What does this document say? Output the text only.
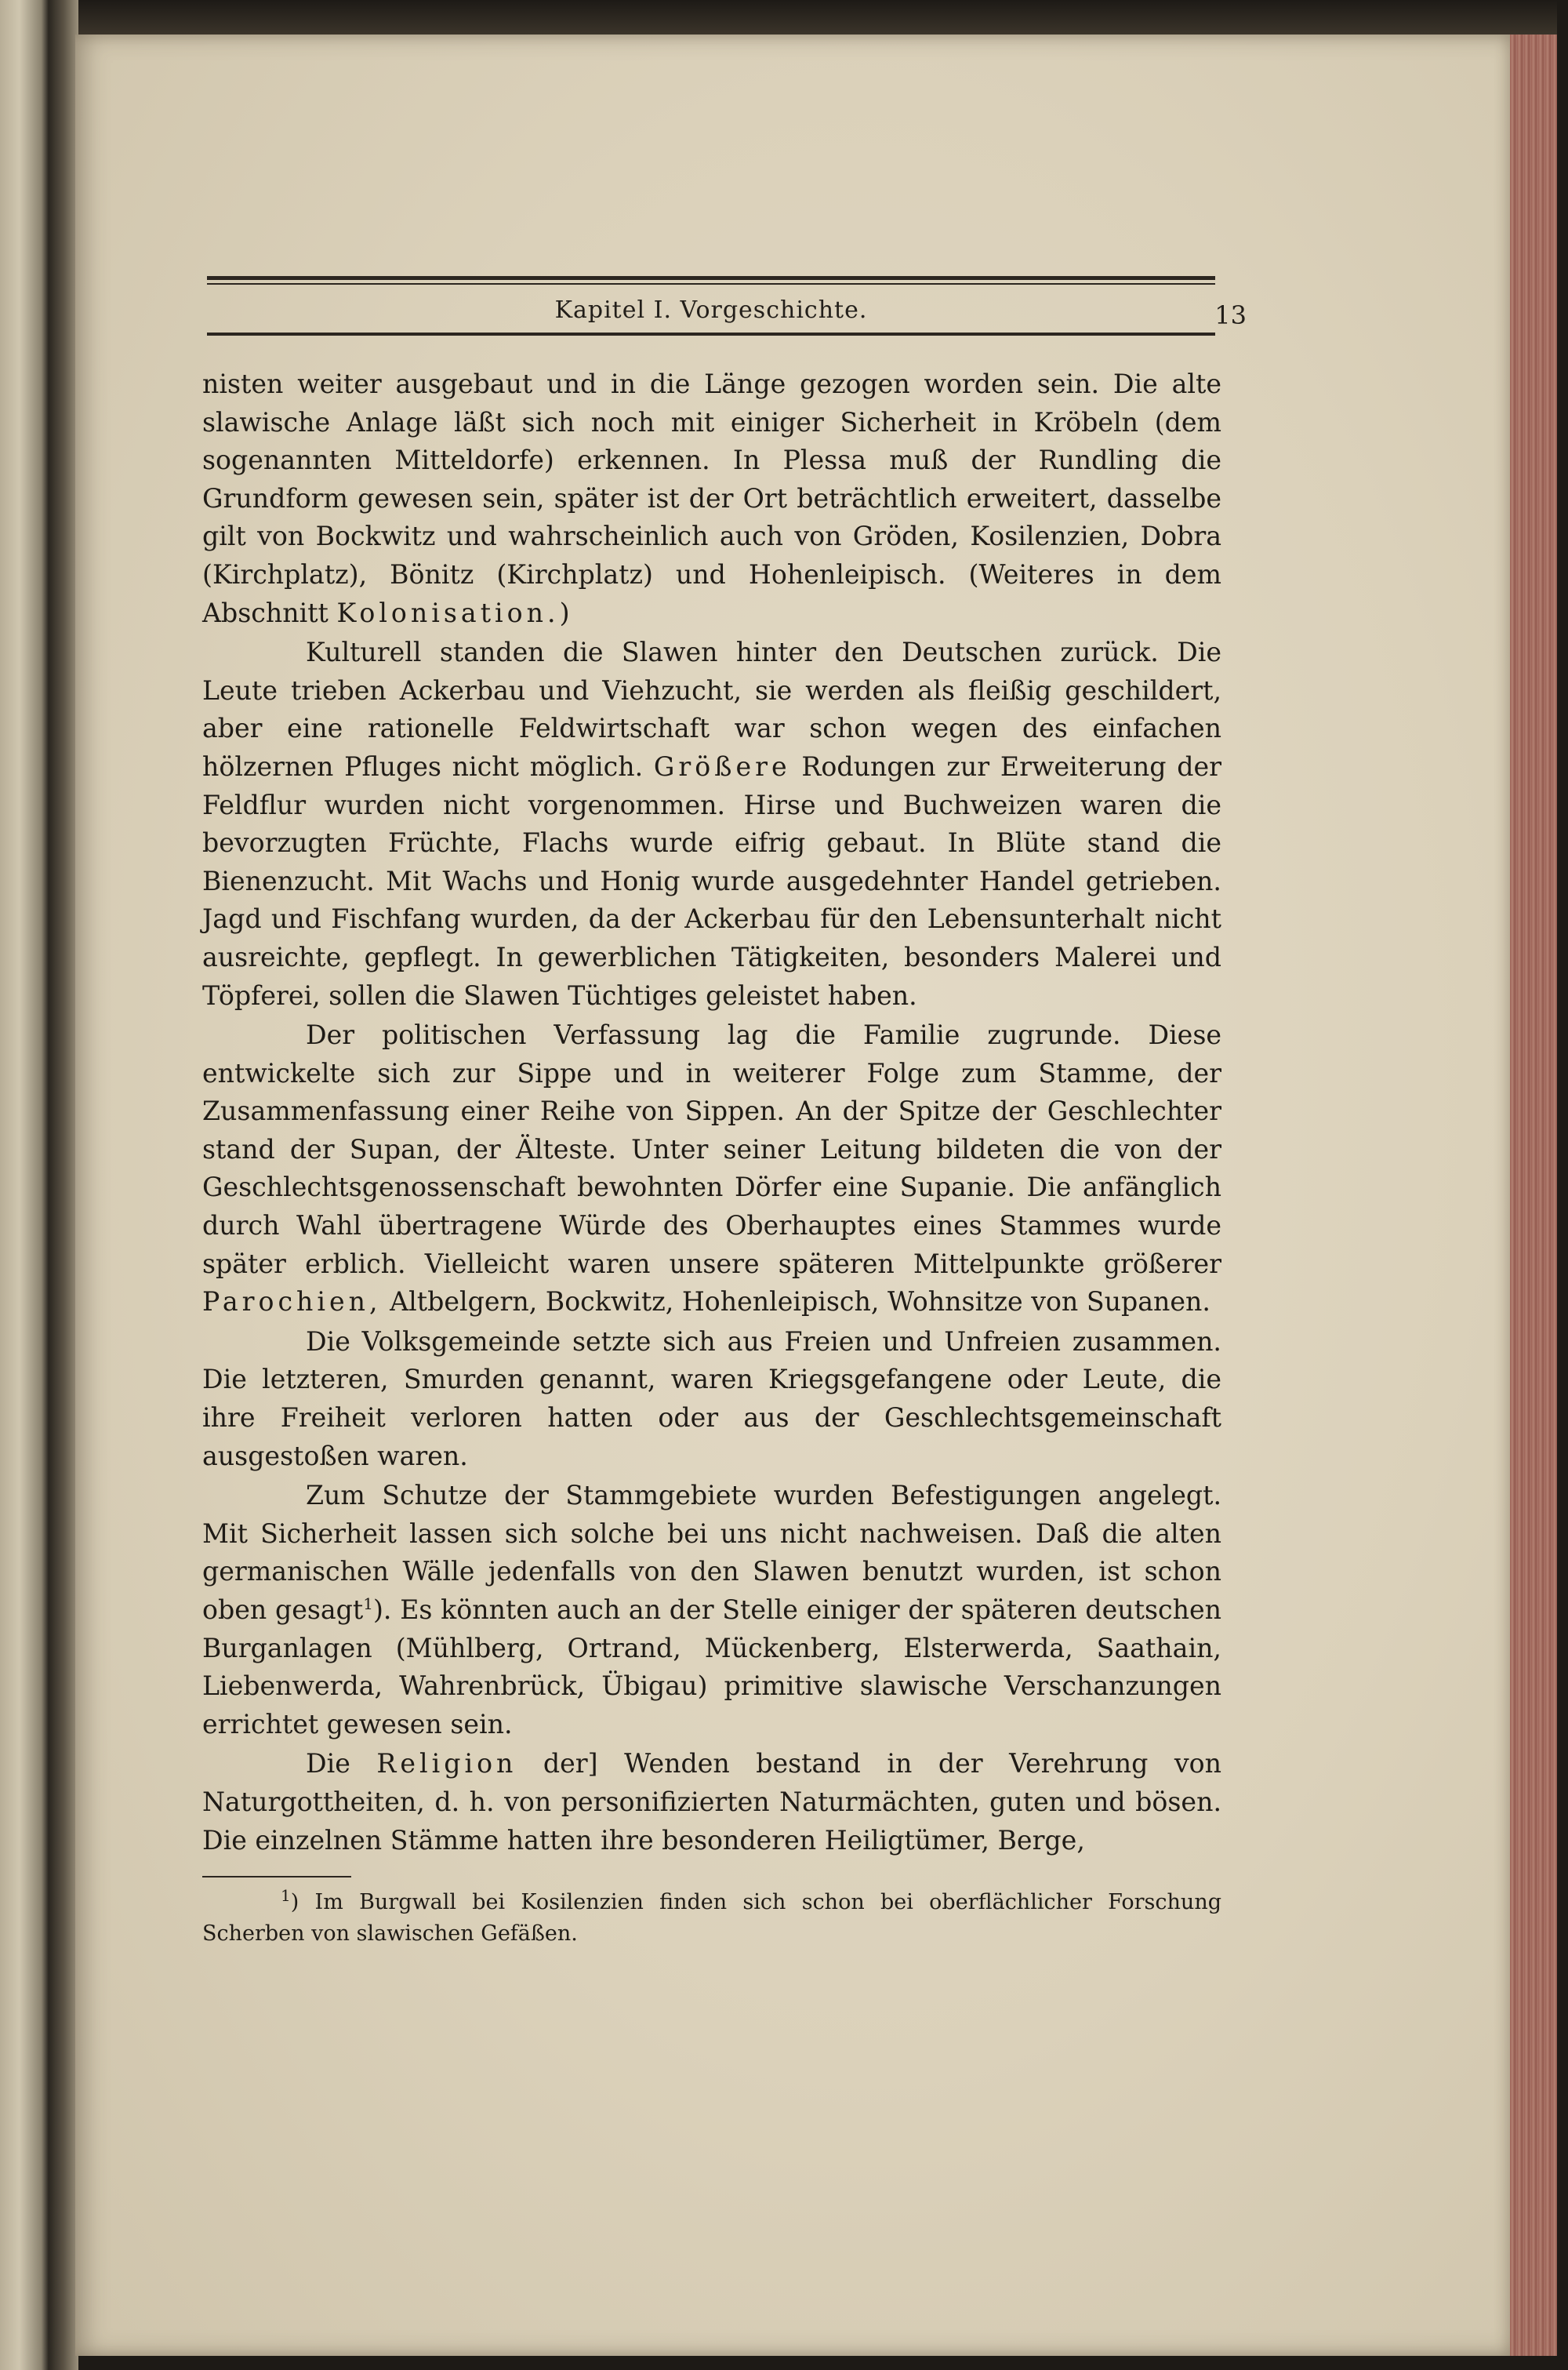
Kapitel I. Vorgeschichte.	13

nisten weiter ausgebaut und in die Länge gezogen worden sein. Die alte slawische Anlage läßt sich noch mit einiger Sicherheit in Kröbeln (dem sogenannten Mitteldorfe) erkennen. In Plessa muß der Rundling die Grundform gewesen sein, später ist der Ort beträchtlich erweitert, dasselbe gilt von Bockwitz und wahrscheinlich auch von Gröden, Kosilenzien, Dobra (Kirchplatz), Bönitz (Kirchplatz) und Hohenleipisch. (Weiteres in dem Abschnitt Kolonisation.)

Kulturell standen die Slawen hinter den Deutschen zurück. Die Leute trieben Ackerbau und Viehzucht, sie werden als fleißig geschildert, aber eine rationelle Feldwirtschaft war schon wegen des einfachen hölzernen Pfluges nicht möglich. Größere Rodungen zur Erweiterung der Feldflur wurden nicht vorgenommen. Hirse und Buchweizen waren die bevorzugten Früchte, Flachs wurde eifrig gebaut. In Blüte stand die Bienenzucht. Mit Wachs und Honig wurde ausgedehnter Handel getrieben. Jagd und Fischfang wurden, da der Ackerbau für den Lebensunterhalt nicht ausreichte, gepflegt. In gewerblichen Tätigkeiten, besonders Malerei und Töpferei, sollen die Slawen Tüchtiges geleistet haben.

Der politischen Verfassung lag die Familie zugrunde. Diese entwickelte sich zur Sippe und in weiterer Folge zum Stamme, der Zusammenfassung einer Reihe von Sippen. An der Spitze der Geschlechter stand der Supan, der Älteste. Unter seiner Leitung bildeten die von der Geschlechtsgenossenschaft bewohnten Dörfer eine Supanie. Die anfänglich durch Wahl übertragene Würde des Oberhauptes eines Stammes wurde später erblich. Vielleicht waren unsere späteren Mittelpunkte größerer Parochien, Altbelgern, Bockwitz, Hohenleipisch, Wohnsitze von Supanen.

Die Volksgemeinde setzte sich aus Freien und Unfreien zusammen. Die letzteren, Smurden genannt, waren Kriegsgefangene oder Leute, die ihre Freiheit verloren hatten oder aus der Geschlechtsgemeinschaft ausgestoßen waren.

Zum Schutze der Stammgebiete wurden Befestigungen angelegt. Mit Sicherheit lassen sich solche bei uns nicht nachweisen. Daß die alten germanischen Wälle jedenfalls von den Slawen benutzt wurden, ist schon oben gesagt$^1$). Es könnten auch an der Stelle einiger der späteren deutschen Burganlagen (Mühlberg, Ortrand, Mückenberg, Elsterwerda, Saathain, Liebenwerda, Wahrenbrück, Übigau) primitive slawische Verschanzungen errichtet gewesen sein.

Die Religion der] Wenden bestand in der Verehrung von Naturgottheiten, d. h. von personifizierten Naturmächten, guten und bösen. Die einzelnen Stämme hatten ihre besonderen Heiligtümer, Berge,

$^1$) Im Burgwall bei Kosilenzien finden sich schon bei oberflächlicher Forschung Scherben von slawischen Gefäßen.
